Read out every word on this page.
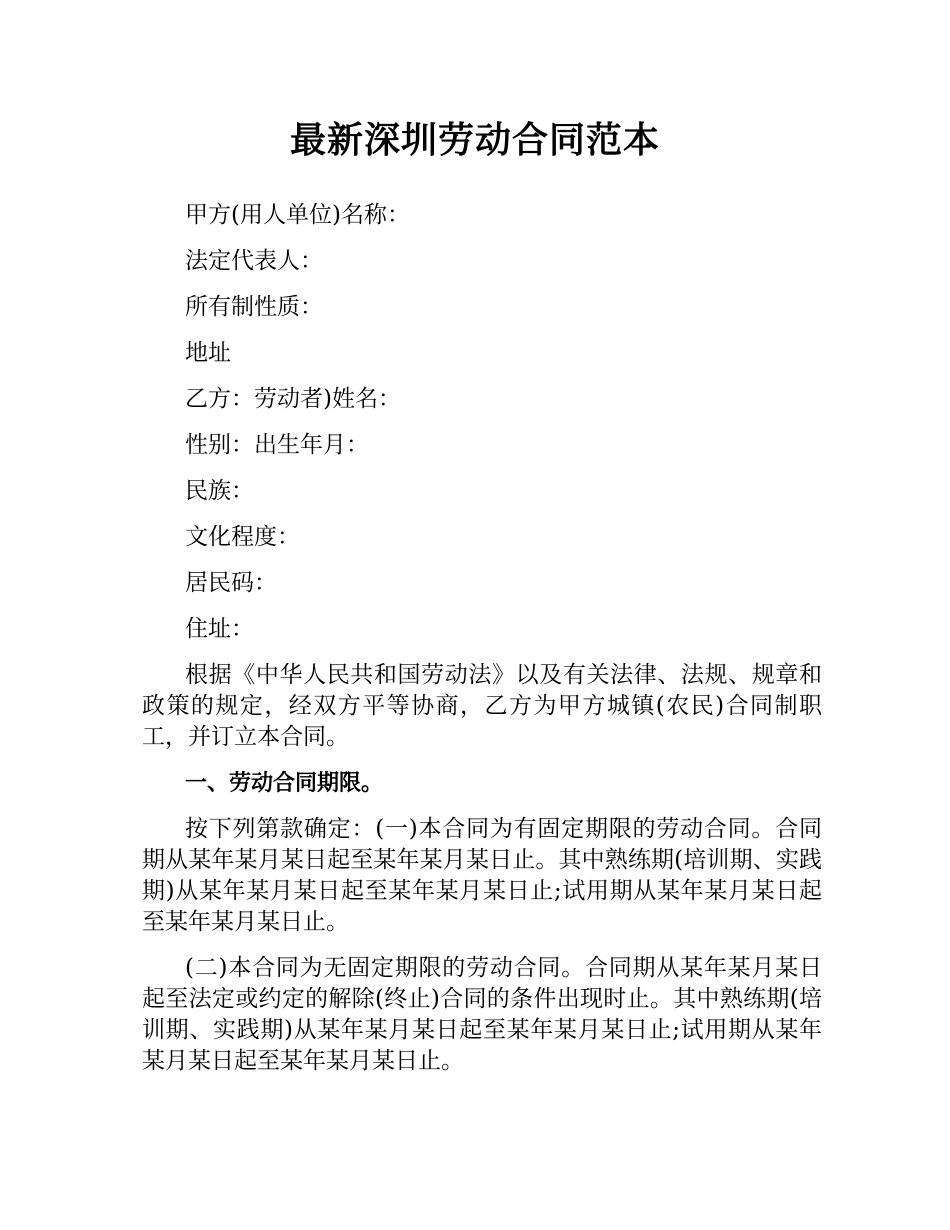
最新深圳劳动合同范本

甲方(用人单位)名称：

法定代表人：

所有制性质：

地址

乙方：劳动者)姓名：

性别：出生年月：

民族：

文化程度：

居民码：

住址：

根据《中华人民共和国劳动法》以及有关法律、法规、规章和政策的规定，经双方平等协商，乙方为甲方城镇(农民)合同制职工，并订立本合同。

一、劳动合同期限。

按下列第款确定：(一)本合同为有固定期限的劳动合同。合同期从某年某月某日起至某年某月某日止。其中熟练期(培训期、实践期)从某年某月某日起至某年某月某日止;试用期从某年某月某日起至某年某月某日止。

(二)本合同为无固定期限的劳动合同。合同期从某年某月某日起至法定或约定的解除(终止)合同的条件出现时止。其中熟练期(培训期、实践期)从某年某月某日起至某年某月某日止;试用期从某年某月某日起至某年某月某日止。
